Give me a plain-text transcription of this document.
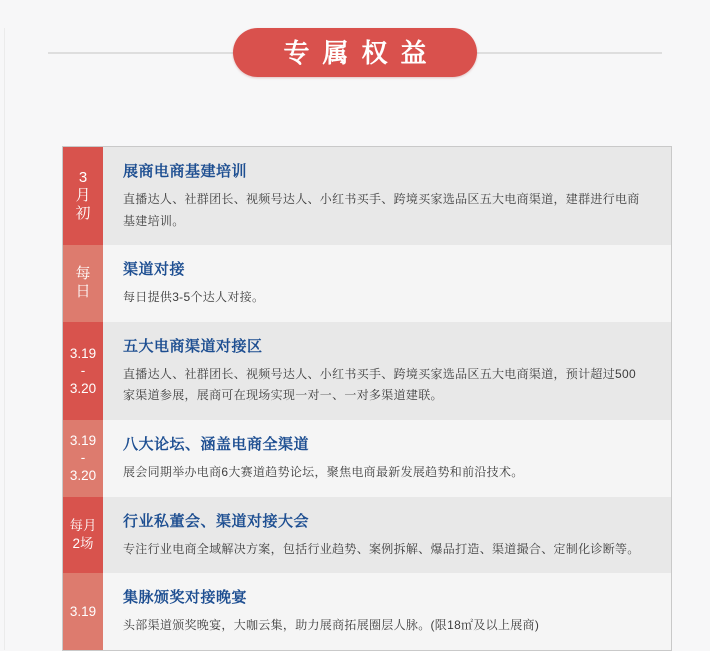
专属权益
3
月
初
展商电商基建培训
直播达人、社群团长、视频号达人、小红书买手、跨境买家选品区五大电商渠道，建群进行电商基建培训。
每
日
渠道对接
每日提供3-5个达人对接。
3.19
-
3.20
五大电商渠道对接区
直播达人、社群团长、视频号达人、小红书买手、跨境买家选品区五大电商渠道，预计超过500家渠道参展，展商可在现场实现一对一、一对多渠道建联。
3.19
-
3.20
八大论坛、涵盖电商全渠道
展会同期举办电商6大赛道趋势论坛，聚焦电商最新发展趋势和前沿技术。
每月
2场
行业私董会、渠道对接大会
专注行业电商全域解决方案，包括行业趋势、案例拆解、爆品打造、渠道撮合、定制化诊断等。
3.19
集脉颁奖对接晚宴
头部渠道颁奖晚宴，大咖云集，助力展商拓展圈层人脉。(限18㎡及以上展商)
